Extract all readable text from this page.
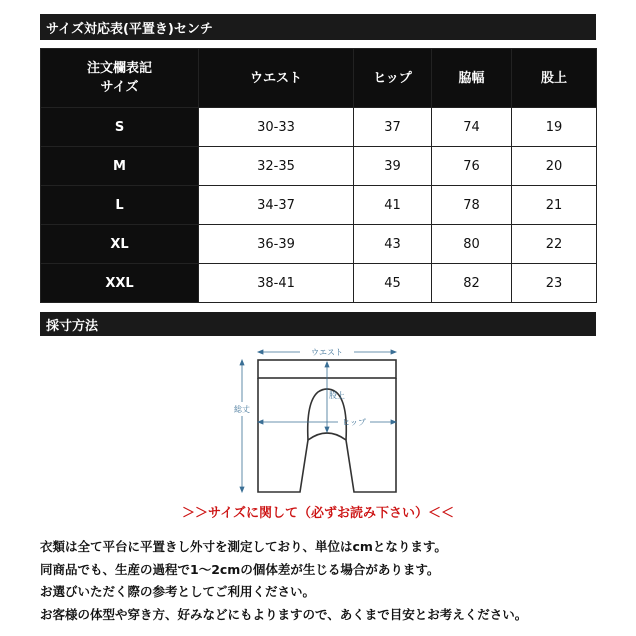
サイズ対応表(平置き)センチ
注文欄表記
サイズ	ウエスト	ヒップ	脇幅	股上
S	30-33	37	74	19
M	32-35	39	76	20
L	34-37	41	78	21
XL	36-39	43	80	22
XXL	38-41	45	82	23
採寸方法
ウエスト
股上
ヒップ
総丈
＞＞サイズに関して（必ずお読み下さい）＜＜
衣類は全て平台に平置きし外寸を測定しており、単位はcmとなります。
同商品でも、生産の過程で1～2cmの個体差が生じる場合があります。
お選びいただく際の参考としてご利用ください。
お客様の体型や穿き方、好みなどにもよりますので、あくまで目安とお考えください。
